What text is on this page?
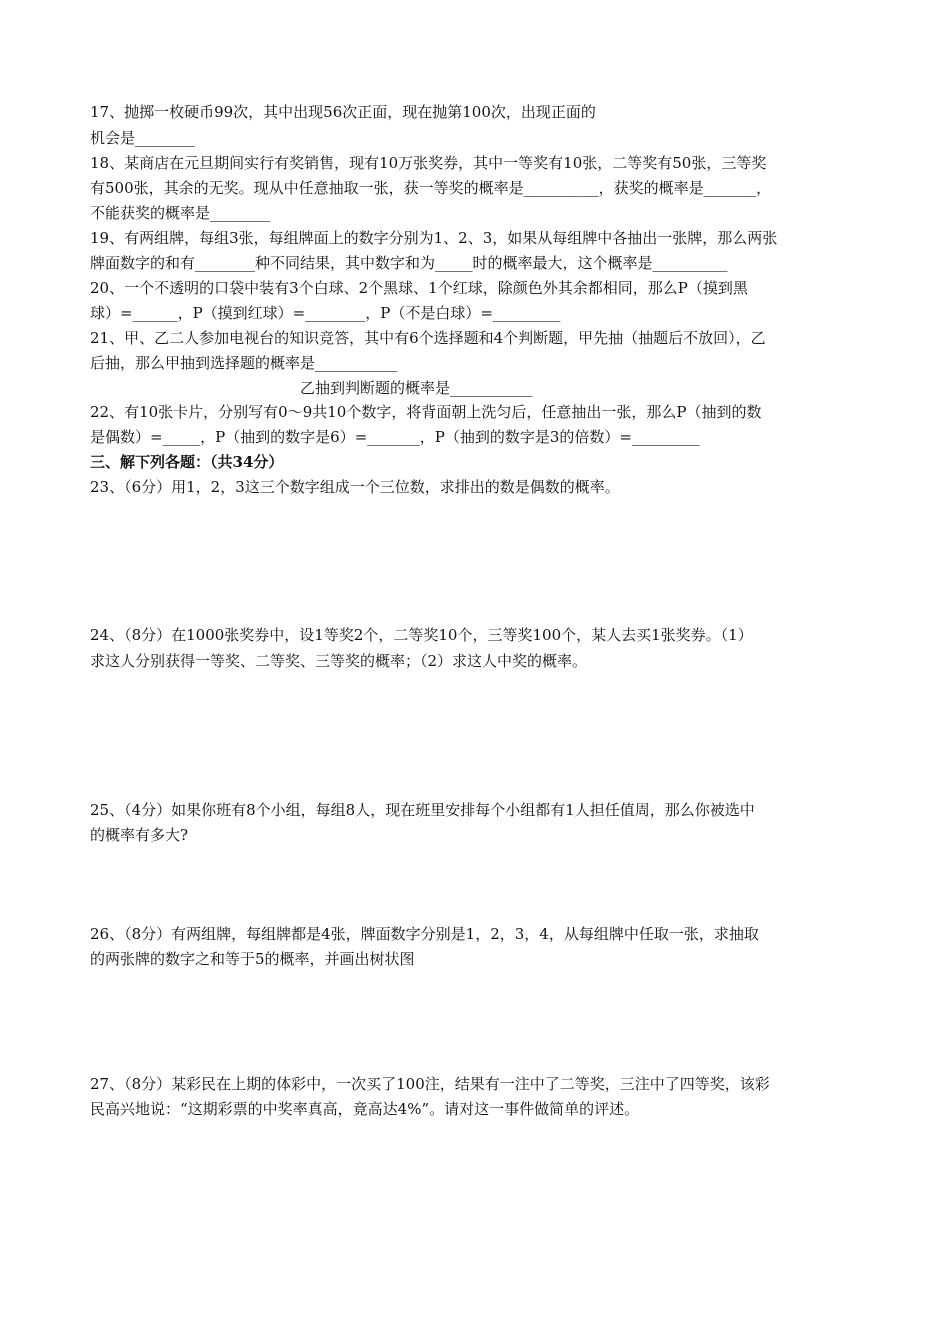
17、抛掷一枚硬币99次，其中出现56次正面，现在抛第100次，出现正面的
机会是________
18、某商店在元旦期间实行有奖销售，现有10万张奖券，其中一等奖有10张，二等奖有50张，三等奖
有500张，其余的无奖。现从中任意抽取一张，获一等奖的概率是__________，获奖的概率是_______，
不能获奖的概率是________
19、有两组牌，每组3张，每组牌面上的数字分别为1、2、3，如果从每组牌中各抽出一张牌，那么两张
牌面数字的和有________种不同结果，其中数字和为_____时的概率最大，这个概率是__________
20、一个不透明的口袋中装有3个白球、2个黑球、1个红球，除颜色外其余都相同，那么P（摸到黑
球）=______，P（摸到红球）=________，P（不是白球）=_________
21、甲、乙二人参加电视台的知识竞答，其中有6个选择题和4个判断题，甲先抽（抽题后不放回），乙
后抽，那么甲抽到选择题的概率是___________
乙抽到判断题的概率是___________
22、有10张卡片，分别写有0～9共10个数字，将背面朝上洗匀后，任意抽出一张，那么P（抽到的数
是偶数）=_____，P（抽到的数字是6）=_______，P（抽到的数字是3的倍数）=_________
三、解下列各题：（共34分）
23、（6分）用1，2，3这三个数字组成一个三位数，求排出的数是偶数的概率。
24、（8分）在1000张奖券中，设1等奖2个，二等奖10个，三等奖100个，某人去买1张奖券。（1）
求这人分别获得一等奖、二等奖、三等奖的概率；（2）求这人中奖的概率。
25、（4分）如果你班有8个小组，每组8人，现在班里安排每个小组都有1人担任值周，那么你被选中
的概率有多大?
26、（8分）有两组牌，每组牌都是4张，牌面数字分别是1，2，3，4，从每组牌中任取一张，求抽取
的两张牌的数字之和等于5的概率，并画出树状图
27、（8分）某彩民在上期的体彩中，一次买了100注，结果有一注中了二等奖，三注中了四等奖，该彩
民高兴地说：“这期彩票的中奖率真高，竟高达4%”。请对这一事件做简单的评述。
